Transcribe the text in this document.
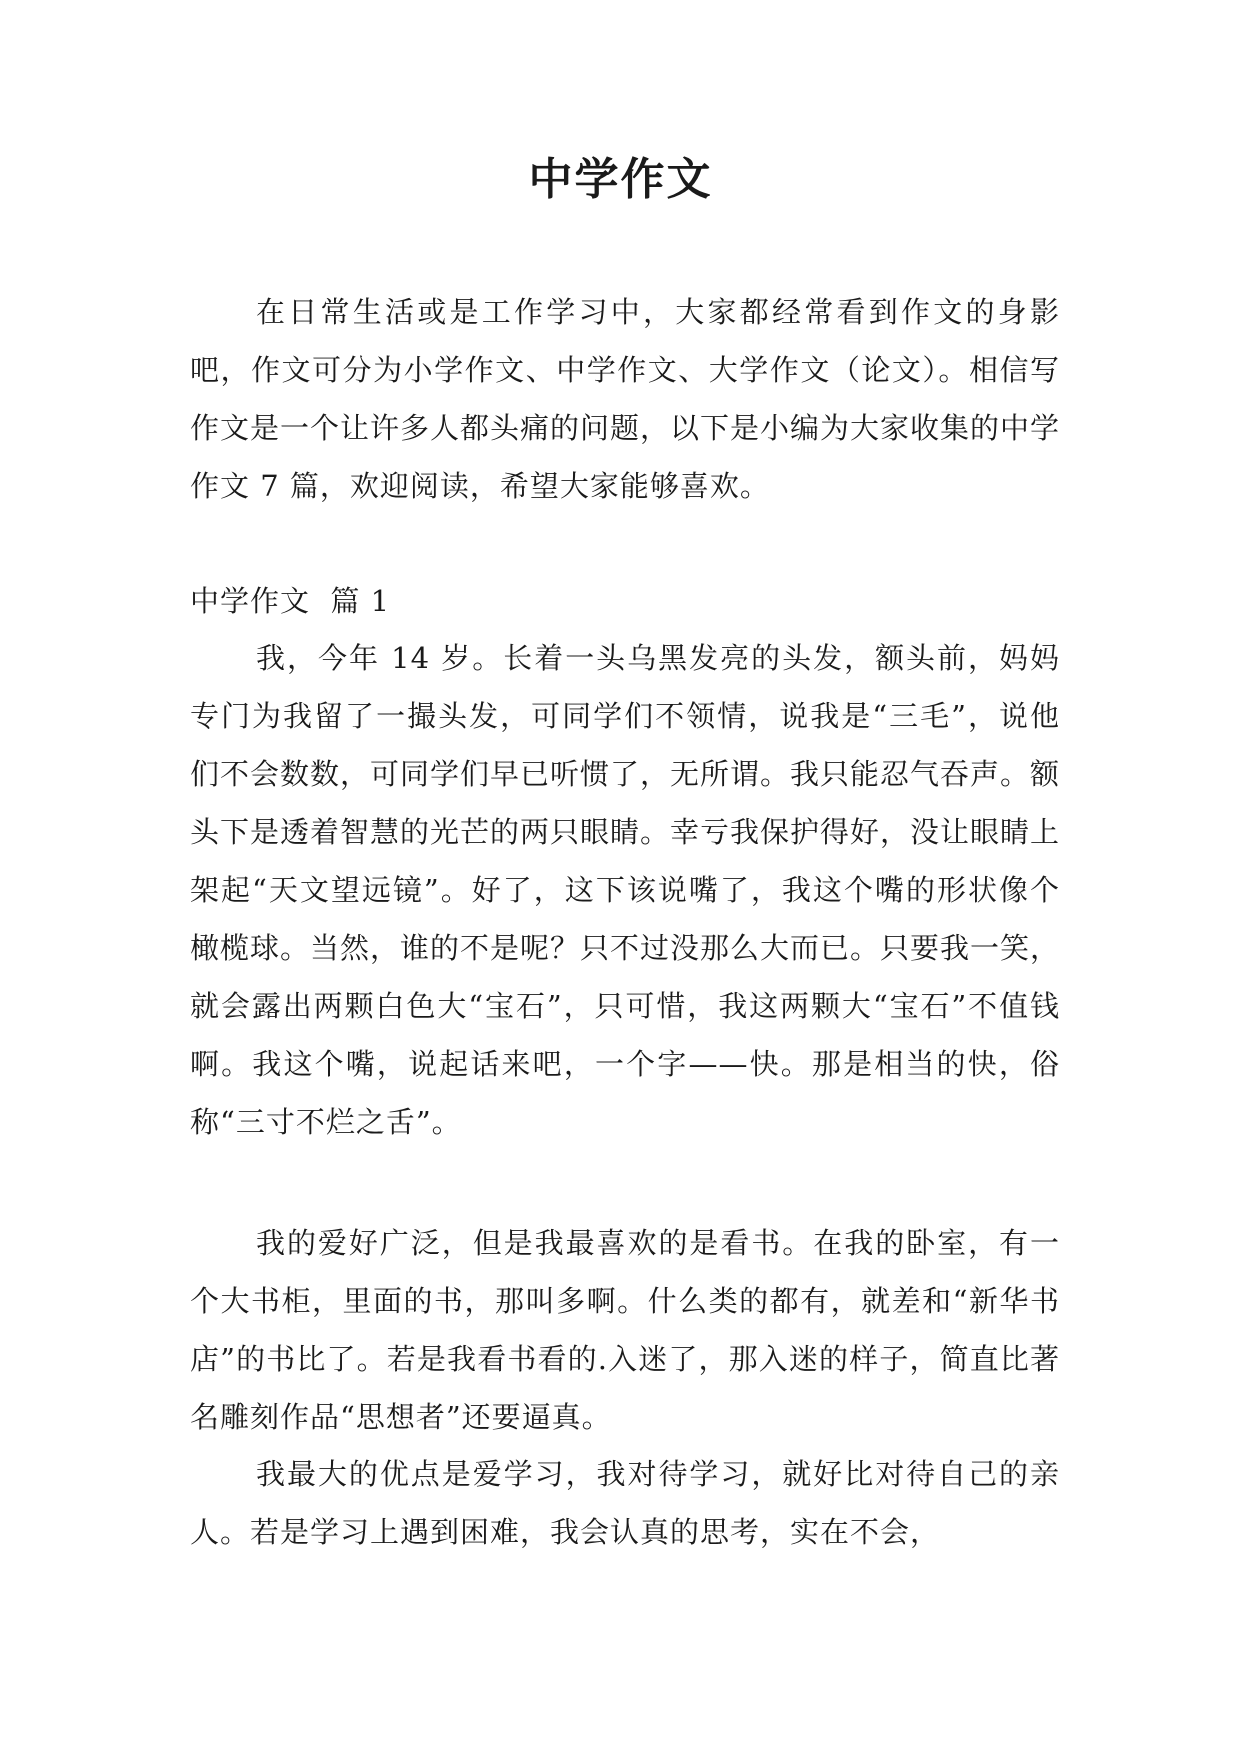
中学作文

在日常生活或是工作学习中，大家都经常看到作文的身影吧，作文可分为小学作文、中学作文、大学作文（论文）。相信写作文是一个让许多人都头痛的问题，以下是小编为大家收集的中学作文 7 篇，欢迎阅读，希望大家能够喜欢。

中学作文  篇 1

我，今年 14 岁。长着一头乌黑发亮的头发，额头前，妈妈专门为我留了一撮头发，可同学们不领情，说我是“三毛”，说他们不会数数，可同学们早已听惯了，无所谓。我只能忍气吞声。额头下是透着智慧的光芒的两只眼睛。幸亏我保护得好，没让眼睛上架起“天文望远镜”。好了，这下该说嘴了，我这个嘴的形状像个橄榄球。当然，谁的不是呢？只不过没那么大而已。只要我一笑，就会露出两颗白色大“宝石”，只可惜，我这两颗大“宝石”不值钱啊。我这个嘴，说起话来吧，一个字——快。那是相当的快，俗称“三寸不烂之舌”。

我的爱好广泛，但是我最喜欢的是看书。在我的卧室，有一个大书柜，里面的书，那叫多啊。什么类的都有，就差和“新华书店”的书比了。若是我看书看的.入迷了，那入迷的样子，简直比著名雕刻作品“思想者”还要逼真。

我最大的优点是爱学习，我对待学习，就好比对待自己的亲人。若是学习上遇到困难，我会认真的思考，实在不会，
